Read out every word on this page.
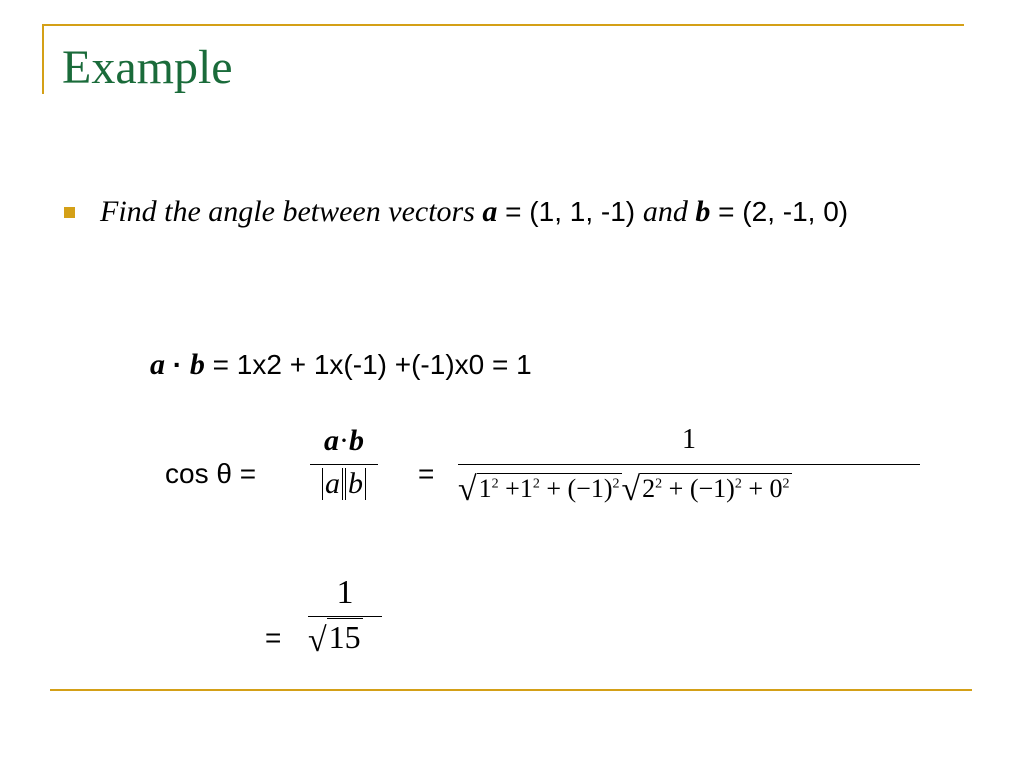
Example
Find the angle between vectors a = (1, 1, -1) and b = (2, -1, 0)
a · b = 1x2 + 1x(-1) +(-1)x0 = 1
cos θ =
a·b
a b	=
1
$√1^2 +1^2 + (-1)^2√2^2 + (-1)^2 + 0^2$
=
1
√15
